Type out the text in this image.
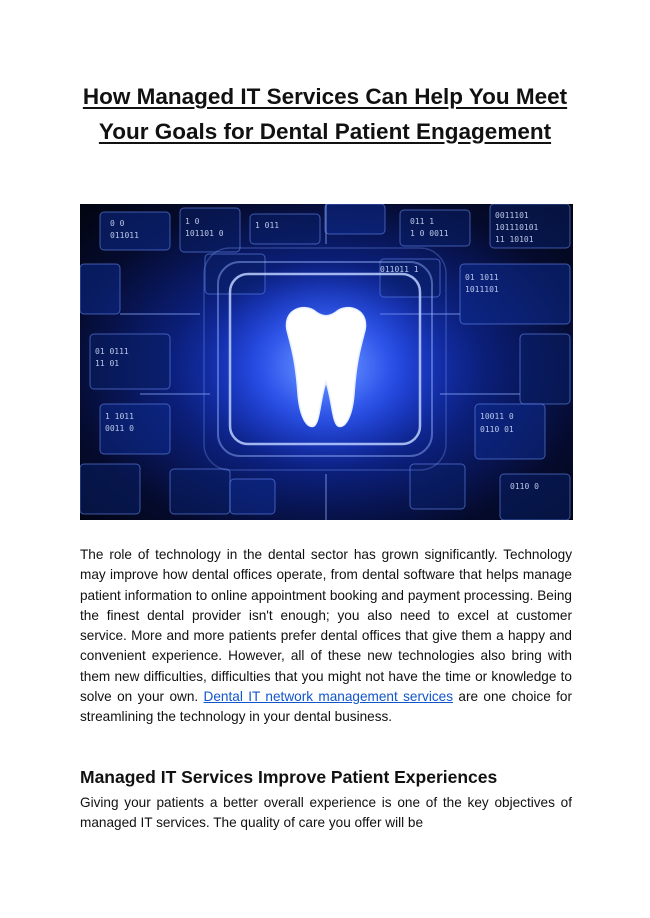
How Managed IT Services Can Help You Meet Your Goals for Dental Patient Engagement
0 0
011011
1 0
101101 0
1 011	011 1
1 0 0011
0011101
101110101
11 10101
011011 1
01 1011
1011101
01 0111
11 01
1 1011
0011 0
10011 0
0110 01
0110 0

The role of technology in the dental sector has grown significantly. Technology may improve how dental offices operate, from dental software that helps manage patient information to online appointment booking and payment processing. Being the finest dental provider isn't enough; you also need to excel at customer service. More and more patients prefer dental offices that give them a happy and convenient experience. However, all of these new technologies also bring with them new difficulties, difficulties that you might not have the time or knowledge to solve on your own. Dental IT network management services are one choice for streamlining the technology in your dental business.

Managed IT Services Improve Patient Experiences

Giving your patients a better overall experience is one of the key objectives of managed IT services. The quality of care you offer will be
